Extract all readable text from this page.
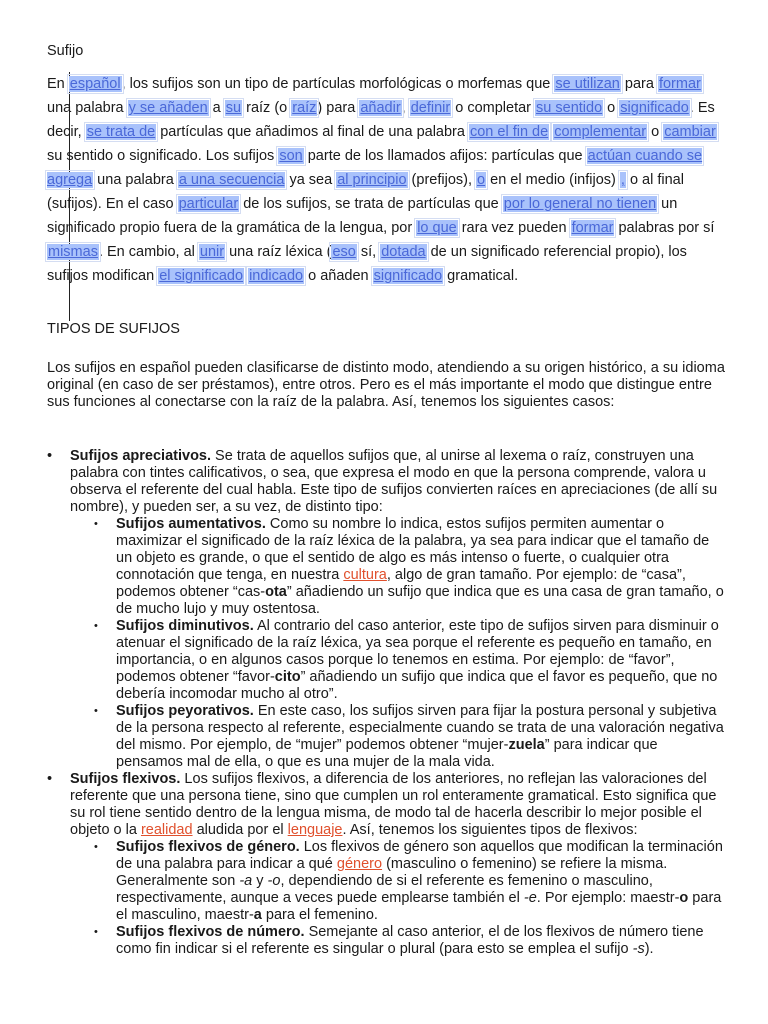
Sufijo
En español, los sufijos son un tipo de partículas morfológicas o morfemas que se utilizan para formar una palabra y se añaden a su raíz (o raíz) para añadir, definir o completar su sentido o significado. Es decir, se trata de partículas que añadimos al final de una palabra con el fin de complementar o cambiar su sentido o significado. Los sufijos son parte de los llamados afijos: partículas que actúan cuando se agrega una palabra a una secuencia ya sea al principio (prefijos), o en el medio (infijos) , o al final (sufijos). En el caso particular de los sufijos, se trata de partículas que por lo general no tienen un significado propio fuera de la gramática de la lengua, por lo que rara vez pueden formar palabras por sí mismas. En cambio, al unir una raíz léxica (eso sí, dotada de un significado referencial propio), los sufijos modifican el significado indicado o añaden significado gramatical.
TIPOS DE SUFIJOS
Los sufijos en español pueden clasificarse de distinto modo, atendiendo a su origen histórico, a su idioma original (en caso de ser préstamos), entre otros. Pero es el más importante el modo que distingue entre sus funciones al conectarse con la raíz de la palabra. Así, tenemos los siguientes casos:
• Sufijos apreciativos. Se trata de aquellos sufijos que, al unirse al lexema o raíz, construyen una palabra con tintes calificativos, o sea, que expresa el modo en que la persona comprende, valora u observa el referente del cual habla. Este tipo de sufijos convierten raíces en apreciaciones (de allí su nombre), y pueden ser, a su vez, de distinto tipo:
• Sufijos aumentativos. Como su nombre lo indica, estos sufijos permiten aumentar o maximizar el significado de la raíz léxica de la palabra, ya sea para indicar que el tamaño de un objeto es grande, o que el sentido de algo es más intenso o fuerte, o cualquier otra connotación que tenga, en nuestra cultura, algo de gran tamaño. Por ejemplo: de “casa”, podemos obtener “cas-ota” añadiendo un sufijo que indica que es una casa de gran tamaño, o de mucho lujo y muy ostentosa.
• Sufijos diminutivos. Al contrario del caso anterior, este tipo de sufijos sirven para disminuir o atenuar el significado de la raíz léxica, ya sea porque el referente es pequeño en tamaño, en importancia, o en algunos casos porque lo tenemos en estima. Por ejemplo: de “favor”, podemos obtener “favor-cito” añadiendo un sufijo que indica que el favor es pequeño, que no debería incomodar mucho al otro”.
• Sufijos peyorativos. En este caso, los sufijos sirven para fijar la postura personal y subjetiva de la persona respecto al referente, especialmente cuando se trata de una valoración negativa del mismo. Por ejemplo, de “mujer” podemos obtener “mujer-zuela” para indicar que pensamos mal de ella, o que es una mujer de la mala vida.
• Sufijos flexivos. Los sufijos flexivos, a diferencia de los anteriores, no reflejan las valoraciones del referente que una persona tiene, sino que cumplen un rol enteramente gramatical. Esto significa que su rol tiene sentido dentro de la lengua misma, de modo tal de hacerla describir lo mejor posible el objeto o la realidad aludida por el lenguaje. Así, tenemos los siguientes tipos de flexivos:
• Sufijos flexivos de género. Los flexivos de género son aquellos que modifican la terminación de una palabra para indicar a qué género (masculino o femenino) se refiere la misma. Generalmente son -a y -o, dependiendo de si el referente es femenino o masculino, respectivamente, aunque a veces puede emplearse también el -e. Por ejemplo: maestr-o para el masculino, maestr-a para el femenino.
• Sufijos flexivos de número. Semejante al caso anterior, el de los flexivos de número tiene como fin indicar si el referente es singular o plural (para esto se emplea el sufijo -s).
